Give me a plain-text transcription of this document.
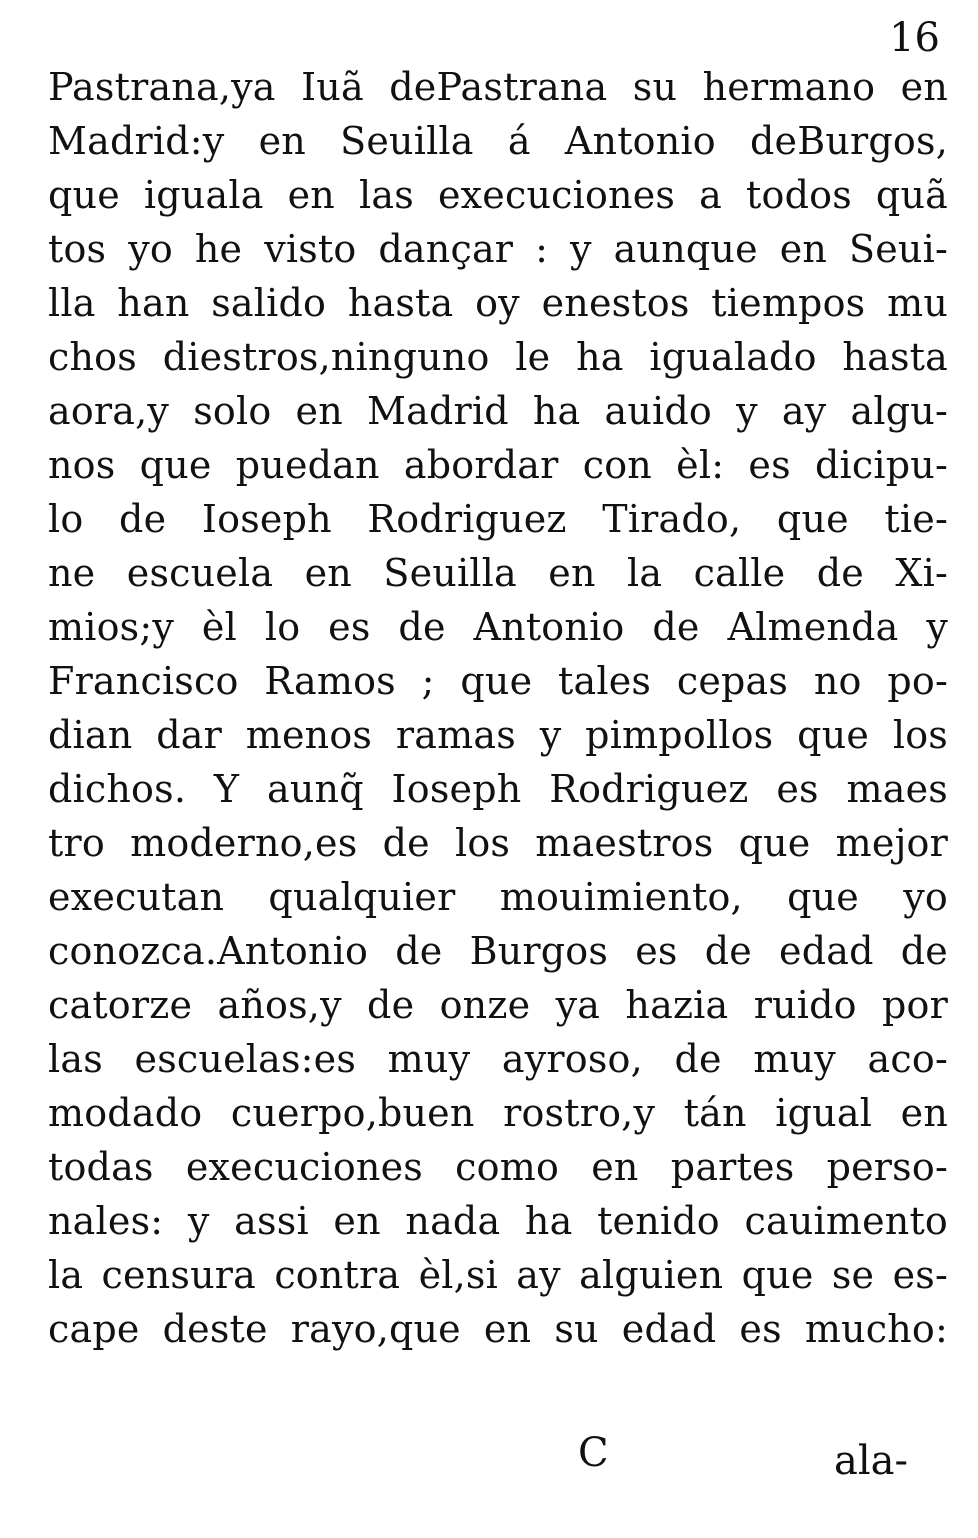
16
Pastrana,ya Iuã dePastrana su hermano en
Madrid:y en Seuilla á Antonio deBurgos,
que iguala en las execuciones a todos quã
tos yo he visto dançar : y aunque en Seui-
lla han salido hasta oy enestos tiempos mu
chos diestros,ninguno le ha igualado hasta
aora,y solo en Madrid ha auido y ay algu-
nos que puedan abordar con èl: es dicipu-
lo de Ioseph Rodriguez Tirado, que tie-
ne escuela en Seuilla en la calle de Xi-
mios;y èl lo es de Antonio de Almenda y
Francisco Ramos ; que tales cepas no po-
dian dar menos ramas y pimpollos que los
dichos. Y aunq̃ Ioseph Rodriguez es maes
tro moderno,es de los maestros que mejor
executan qualquier mouimiento, que yo
conozca.Antonio de Burgos es de edad de
catorze años,y de onze ya hazia ruido por
las escuelas:es muy ayroso, de muy aco-
modado cuerpo,buen rostro,y tán igual en
todas execuciones como en partes perso-
nales: y assi en nada ha tenido cauimento
la censura contra èl,si ay alguien que se es-
cape deste rayo,que en su edad es mucho:
C	ala-
